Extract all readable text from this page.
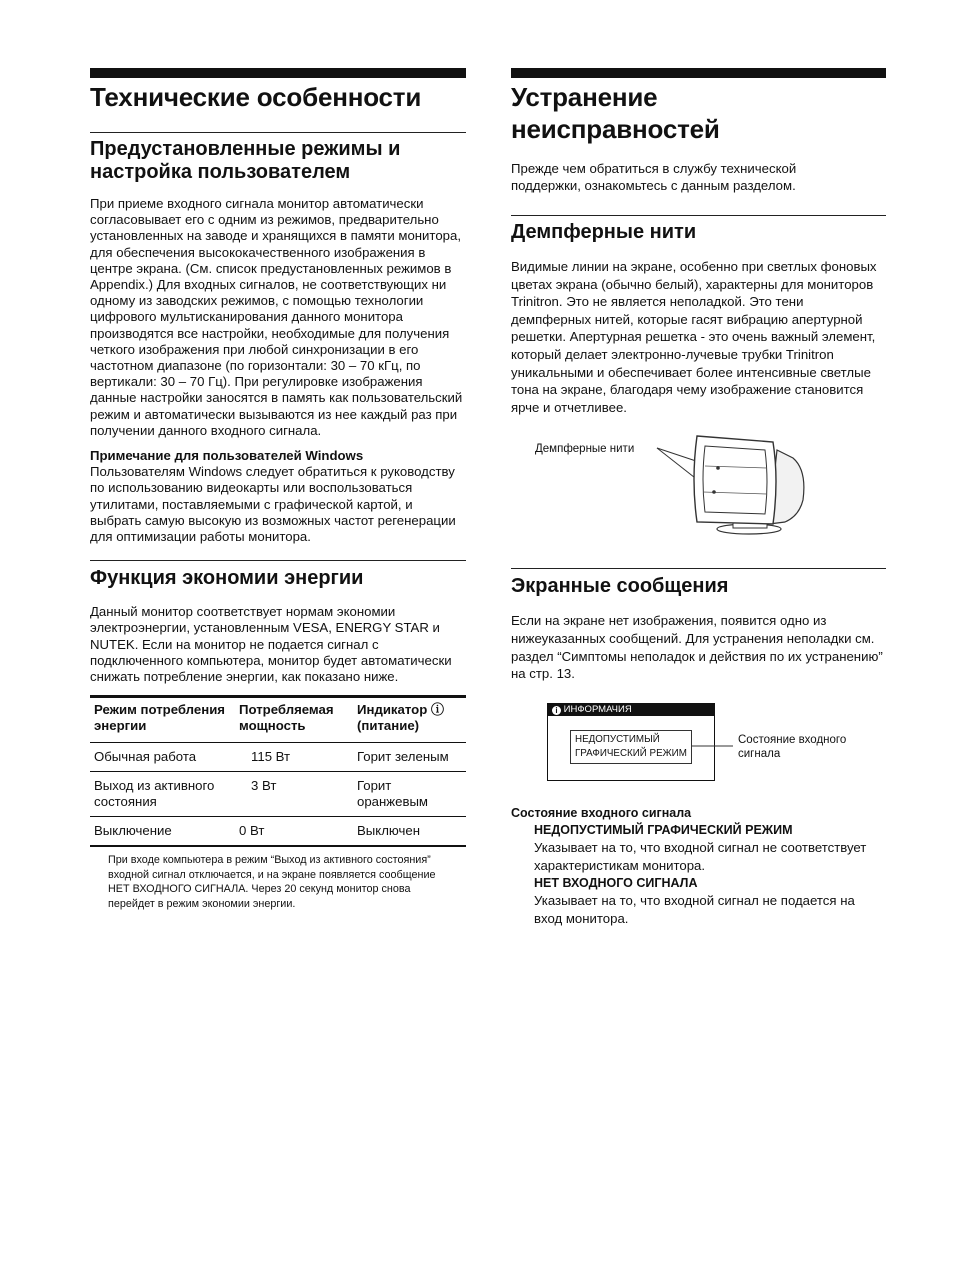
Технические особенности
Предустановленные режимы и настройка пользователем

При приеме входного сигнала монитор автоматически согласовывает его с одним из режимов, предварительно установленных на заводе и хранящихся в памяти монитора, для обеспечения высококачественного изображения в центре экрана. (См. список предустановленных режимов в Appendix.) Для входных сигналов, не соответствующих ни одному из заводских режимов, с помощью технологии цифрового мультисканирования данного монитора производятся все настройки, необходимые для получения четкого изображения при любой синхронизации в его частотном диапазоне (по горизонтали: 30 – 70 кГц, по вертикали: 30 – 70 Гц). При регулировке изображения данные настройки заносятся в память как пользовательский режим и автоматически вызываются из нее каждый раз при получении данного входного сигнала.

Примечание для пользователей Windows

Пользователям Windows следует обратиться к руководству по использованию видеокарты или воспользоваться утилитами, поставляемыми с графической картой, и выбрать самую высокую из возможных частот регенерации для оптимизации работы монитора.

Функция экономии энергии

Данный монитор соответствует нормам экономии электроэнергии, установленным VESA, ENERGY STAR и NUTEK. Если на монитор не подается сигнал с подключенного компьютера, монитор будет автоматически снижать потребление энергии, как показано ниже.

Режим потребления энергии	Потребляемая мощность	Индикатор ⓘ (питание)
Обычная работа	115 Вт	Горит зеленым
Выход из активного состояния	3 Вт	Горит оранжевым
Выключение	0 Вт	Выключен

При входе компьютера в режим “Выход из активного состояния” входной сигнал отключается, и на экране появляется сообщение НЕТ ВХОДНОГО СИГНАЛА. Через 20 секунд монитор снова перейдет в режим экономии энергии.

Устранение неисправностей

Прежде чем обратиться в службу технической поддержки, ознакомьтесь с данным разделом.

Демпферные нити

Видимые линии на экране, особенно при светлых фоновых цветах экрана (обычно белый), характерны для мониторов Trinitron. Это не является неполадкой. Это тени демпферных нитей, которые гасят вибрацию апертурной решетки. Апертурная решетка - это очень важный элемент, который делает электронно-лучевые трубки Trinitron уникальными и обеспечивает более интенсивные светлые тона на экране, благодаря чему изображение становится ярче и отчетливее.

Демпферные нити
Экранные сообщения

Если на экране нет изображения, появится одно из нижеуказанных сообщений. Для устранения неполадки см. раздел “Симптомы неполадок и действия по их устранению” на стр. 13.

i ИНФОРМАЧИЯ
НЕДОПУСТИМЫЙ
ГРАФИЧЕСКИЙ РЕЖИМ
Состояние входного сигнала
Состояние входного сигнала
НЕДОПУСТИМЫЙ ГРАФИЧЕСКИЙ РЕЖИМ

Указывает на то, что входной сигнал не соответствует характеристикам монитора.

НЕТ ВХОДНОГО СИГНАЛА

Указывает на то, что входной сигнал не подается на вход монитора.
